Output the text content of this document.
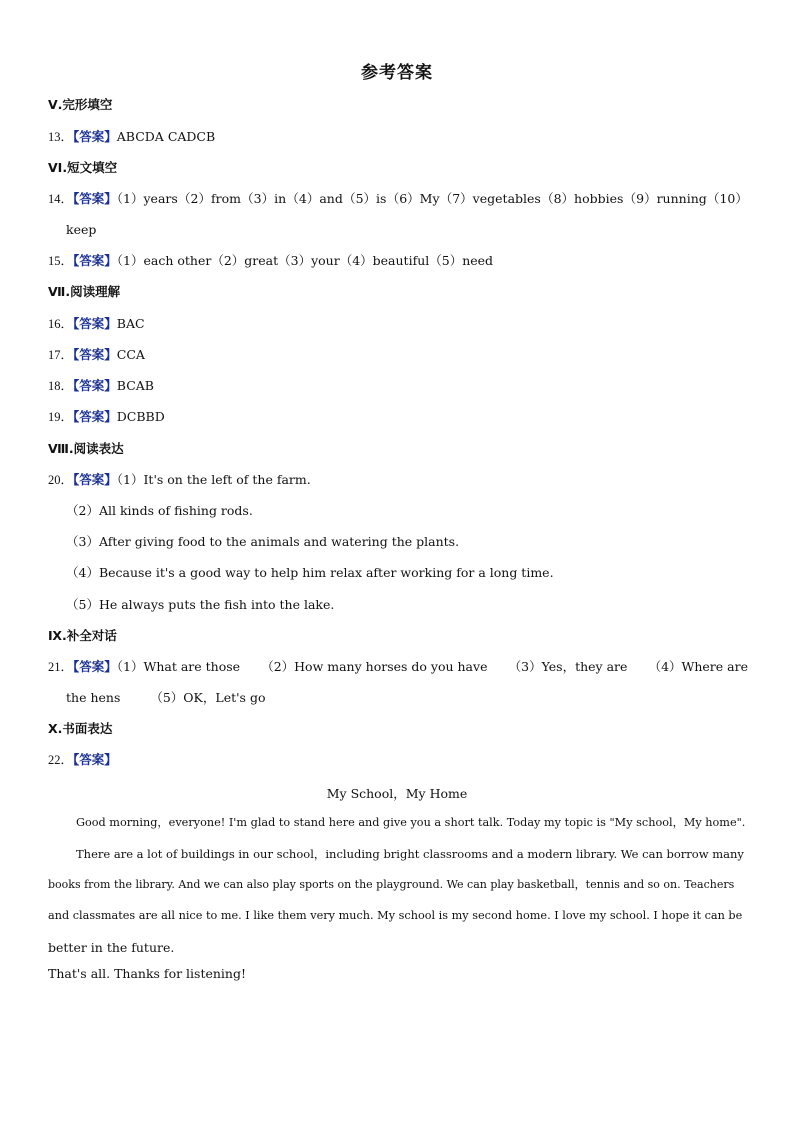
参考答案
Ⅴ.完形填空
13．【答案】ABCDA CADCB
ⅤⅠ.短文填空
14．【答案】（1）years （2）from （3）in （4）and （5）is （6）My （7）vegetables （8）hobbies （9）running （10）
keep
15．【答案】（1）each other（2）great（3）your（4）beautiful（5）need
Ⅶ.阅读理解
16．【答案】BAC
17．【答案】CCA
18．【答案】BCAB
19．【答案】DCBBD
Ⅷ.阅读表达
20．【答案】（1）It's on the left of the farm.
（2）All kinds of fishing rods.
（3）After giving food to the animals and watering the plants.
（4）Because it's a good way to help him relax after working for a long time.
（5）He always puts the fish into the lake.
Ⅸ.补全对话
21．【答案】（1）What are those （2）How many horses do you have （3）Yes，they are （4）Where are
the hens （5）OK，Let's go
Ⅹ.书面表达
22．【答案】
My School，My Home
Good morning，everyone! I'm glad to stand here and give you a short talk. Today my topic is "My school，My home".
There are a lot of buildings in our school，including bright classrooms and a modern library. We can borrow many
books from the library. And we can also play sports on the playground. We can play basketball，tennis and so on. Teachers
and classmates are all nice to me. I like them very much. My school is my second home. I love my school. I hope it can be
better in the future.
That's all. Thanks for listening!
